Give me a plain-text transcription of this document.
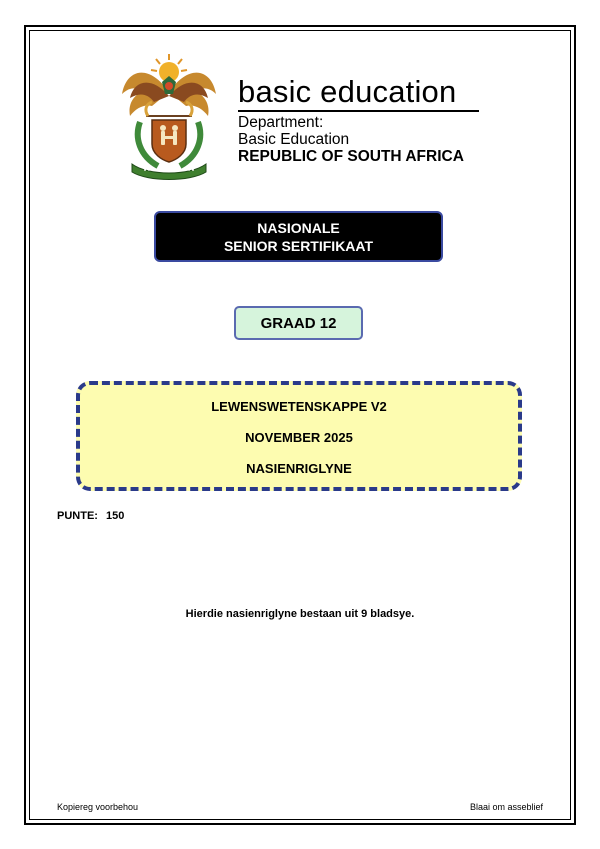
basic education
Department:
Basic Education
REPUBLIC OF SOUTH AFRICA
NASIONALE
SENIOR SERTIFIKAAT
GRAAD 12
LEWENSWETENSKAPPE V2
NOVEMBER 2025
NASIENRIGLYNE
PUNTE: 150
Hierdie nasienriglyne bestaan uit 9 bladsye.
Kopiereg voorbehou	Blaai om asseblief
